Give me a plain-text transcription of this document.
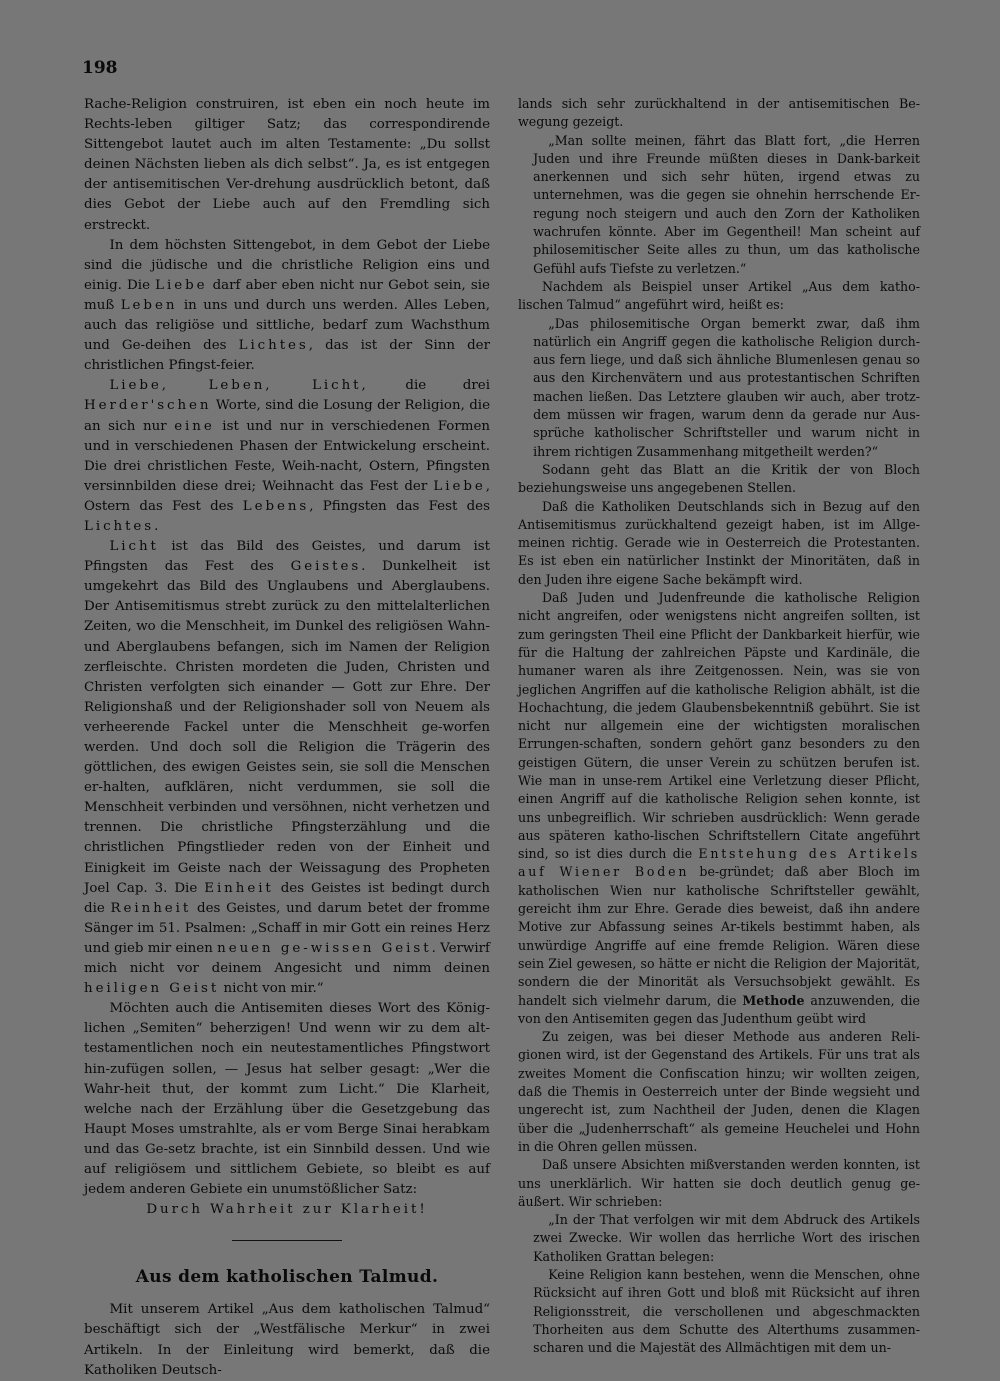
198

Rache-Religion construiren, ist eben ein noch heute im Rechts-leben giltiger Satz; das correspondirende Sittengebot lautet auch im alten Testamente: „Du sollst deinen Nächsten lieben als dich selbst“. Ja, es ist entgegen der antisemitischen Ver-drehung ausdrücklich betont, daß dies Gebot der Liebe auch auf den Fremdling sich erstreckt.

In dem höchsten Sittengebot, in dem Gebot der Liebe sind die jüdische und die christliche Religion eins und einig. Die Liebe darf aber eben nicht nur Gebot sein, sie muß Leben in uns und durch uns werden. Alles Leben, auch das religiöse und sittliche, bedarf zum Wachsthum und Ge-deihen des Lichtes, das ist der Sinn der christlichen Pfingst-feier.

Liebe, Leben, Licht, die drei Herder'schen Worte, sind die Losung der Religion, die an sich nur eine ist und nur in verschiedenen Formen und in verschiedenen Phasen der Entwickelung erscheint. Die drei christlichen Feste, Weih-nacht, Ostern, Pfingsten versinnbilden diese drei; Weihnacht das Fest der Liebe, Ostern das Fest des Lebens, Pfingsten das Fest des Lichtes.

Licht ist das Bild des Geistes, und darum ist Pfingsten das Fest des Geistes. Dunkelheit ist umgekehrt das Bild des Unglaubens und Aberglaubens. Der Antisemitismus strebt zurück zu den mittelalterlichen Zeiten, wo die Menschheit, im Dunkel des religiösen Wahn- und Aberglaubens befangen, sich im Namen der Religion zerfleischte. Christen mordeten die Juden, Christen und Christen verfolgten sich einander — Gott zur Ehre. Der Religionshaß und der Religionshader soll von Neuem als verheerende Fackel unter die Menschheit ge-worfen werden. Und doch soll die Religion die Trägerin des göttlichen, des ewigen Geistes sein, sie soll die Menschen er-halten, aufklären, nicht verdummen, sie soll die Menschheit verbinden und versöhnen, nicht verhetzen und trennen. Die christliche Pfingsterzählung und die christlichen Pfingstlieder reden von der Einheit und Einigkeit im Geiste nach der Weissagung des Propheten Joel Cap. 3. Die Einheit des Geistes ist bedingt durch die Reinheit des Geistes, und darum betet der fromme Sänger im 51. Psalmen: „Schaff in mir Gott ein reines Herz und gieb mir einen neuen ge-wissen Geist. Verwirf mich nicht vor deinem Angesicht und nimm deinen heiligen Geist nicht von mir.“

Möchten auch die Antisemiten dieses Wort des König-lichen „Semiten“ beherzigen! Und wenn wir zu dem alt-testamentlichen noch ein neutestamentliches Pfingstwort hin-zufügen sollen, — Jesus hat selber gesagt: „Wer die Wahr-heit thut, der kommt zum Licht.“ Die Klarheit, welche nach der Erzählung über die Gesetzgebung das Haupt Moses umstrahlte, als er vom Berge Sinai herabkam und das Ge-setz brachte, ist ein Sinnbild dessen. Und wie auf religiösem und sittlichem Gebiete, so bleibt es auf jedem anderen Gebiete ein unumstößlicher Satz:

Durch Wahrheit zur Klarheit!

Aus dem katholischen Talmud.

Mit unserem Artikel „Aus dem katholischen Talmud“ beschäftigt sich der „Westfälische Merkur“ in zwei Artikeln. In der Einleitung wird bemerkt, daß die Katholiken Deutsch-

lands sich sehr zurückhaltend in der antisemitischen Be-wegung gezeigt.

„Man sollte meinen, fährt das Blatt fort, „die Herren Juden und ihre Freunde müßten dieses in Dank-barkeit anerkennen und sich sehr hüten, irgend etwas zu unternehmen, was die gegen sie ohnehin herrschende Er-regung noch steigern und auch den Zorn der Katholiken wachrufen könnte. Aber im Gegentheil! Man scheint auf philosemitischer Seite alles zu thun, um das katholische Gefühl aufs Tiefste zu verletzen.“

Nachdem als Beispiel unser Artikel „Aus dem katho-lischen Talmud“ angeführt wird, heißt es:

„Das philosemitische Organ bemerkt zwar, daß ihm natürlich ein Angriff gegen die katholische Religion durch-aus fern liege, und daß sich ähnliche Blumenlesen genau so aus den Kirchenvätern und aus protestantischen Schriften machen ließen. Das Letztere glauben wir auch, aber trotz-dem müssen wir fragen, warum denn da gerade nur Aus-sprüche katholischer Schriftsteller und warum nicht in ihrem richtigen Zusammenhang mitgetheilt werden?“

Sodann geht das Blatt an die Kritik der von Bloch beziehungsweise uns angegebenen Stellen.

Daß die Katholiken Deutschlands sich in Bezug auf den Antisemitismus zurückhaltend gezeigt haben, ist im Allge-meinen richtig. Gerade wie in Oesterreich die Protestanten. Es ist eben ein natürlicher Instinkt der Minoritäten, daß in den Juden ihre eigene Sache bekämpft wird.

Daß Juden und Judenfreunde die katholische Religion nicht angreifen, oder wenigstens nicht angreifen sollten, ist zum geringsten Theil eine Pflicht der Dankbarkeit hierfür, wie für die Haltung der zahlreichen Päpste und Kardinäle, die humaner waren als ihre Zeitgenossen. Nein, was sie von jeglichen Angriffen auf die katholische Religion abhält, ist die Hochachtung, die jedem Glaubensbekenntniß gebührt. Sie ist nicht nur allgemein eine der wichtigsten moralischen Errungen-schaften, sondern gehört ganz besonders zu den geistigen Gütern, die unser Verein zu schützen berufen ist. Wie man in unse-rem Artikel eine Verletzung dieser Pflicht, einen Angriff auf die katholische Religion sehen konnte, ist uns unbegreiflich. Wir schrieben ausdrücklich: Wenn gerade aus späteren katho-lischen Schriftstellern Citate angeführt sind, so ist dies durch die Entstehung des Artikels auf Wiener Boden be-gründet; daß aber Bloch im katholischen Wien nur katholische Schriftsteller gewählt, gereicht ihm zur Ehre. Gerade dies beweist, daß ihn andere Motive zur Abfassung seines Ar-tikels bestimmt haben, als unwürdige Angriffe auf eine fremde Religion. Wären diese sein Ziel gewesen, so hätte er nicht die Religion der Majorität, sondern die der Minorität als Versuchsobjekt gewählt. Es handelt sich vielmehr darum, die Methode anzuwenden, die von den Antisemiten gegen das Judenthum geübt wird

Zu zeigen, was bei dieser Methode aus anderen Reli-gionen wird, ist der Gegenstand des Artikels. Für uns trat als zweites Moment die Confiscation hinzu; wir wollten zeigen, daß die Themis in Oesterreich unter der Binde wegsieht und ungerecht ist, zum Nachtheil der Juden, denen die Klagen über die „Judenherrschaft“ als gemeine Heuchelei und Hohn in die Ohren gellen müssen.

Daß unsere Absichten mißverstanden werden konnten, ist uns unerklärlich. Wir hatten sie doch deutlich genug ge-äußert. Wir schrieben:

„In der That verfolgen wir mit dem Abdruck des Artikels zwei Zwecke. Wir wollen das herrliche Wort des irischen Katholiken Grattan belegen:

Keine Religion kann bestehen, wenn die Menschen, ohne Rücksicht auf ihren Gott und bloß mit Rücksicht auf ihren Religionsstreit, die verschollenen und abgeschmackten Thorheiten aus dem Schutte des Alterthums zusammen-scharen und die Majestät des Allmächtigen mit dem un-
